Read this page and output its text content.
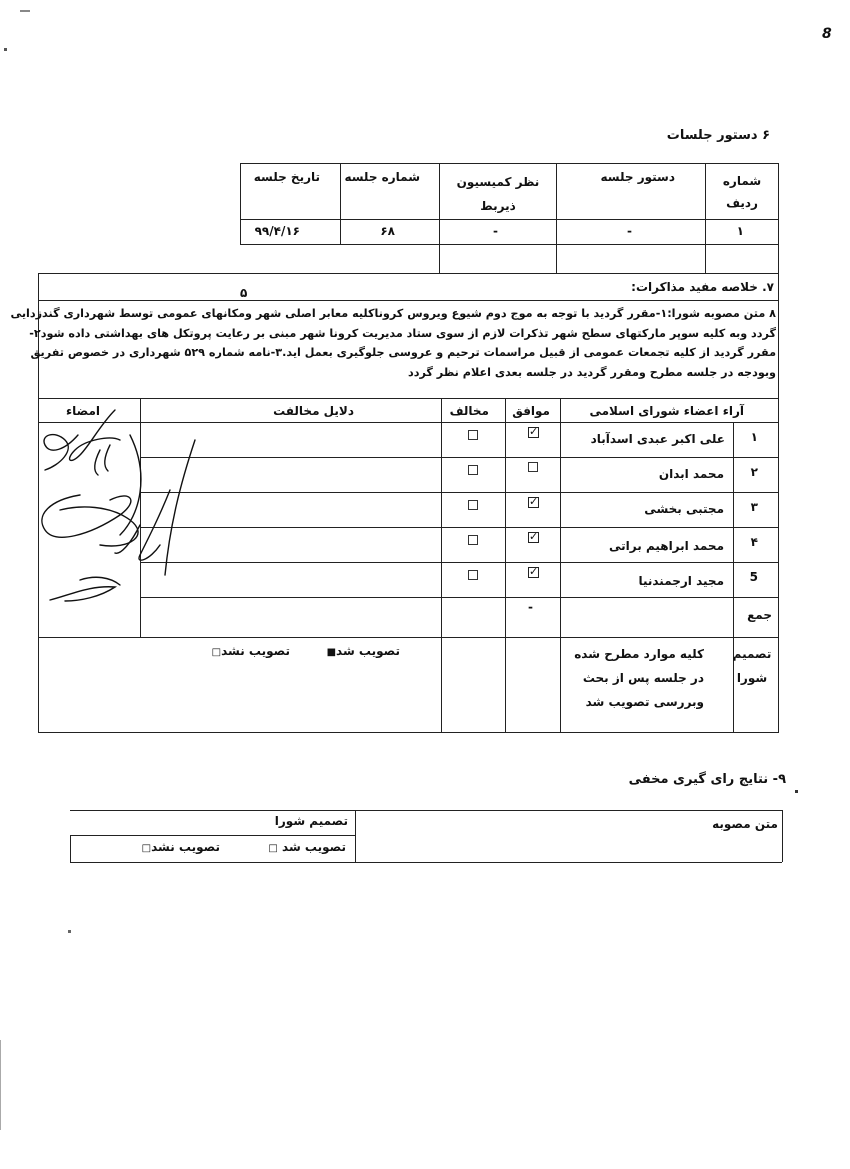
8
۶ دستور جلسات
شماره ردیف
دستور جلسه
نظر کمیسیون ذیربط
شماره جلسه
تاریخ جلسه
۱
-
-
۶۸
۹۹/۴/۱۶
۷. خلاصه مفید مذاکرات:
۵
۸ متن مصوبه شورا:۱-مقرر گردید با توجه به موج دوم شیوع ویروس کروناکلیه معابر اصلی شهر ومکانهای عمومی توسط شهرداری گندزدایی
گردد وبه کلیه سوپر مارکتهای سطح شهر تذکرات لازم از سوی ستاد مدیریت کرونا شهر مبنی بر رعایت پروتکل های بهداشتی داده شود۲-
مقرر گردید از کلیه تجمعات عمومی از قبیل مراسمات ترحیم و عروسی جلوگیری بعمل اید.۳-نامه شماره ۵۲۹ شهرداری در خصوص تفریق
وبودجه در جلسه مطرح ومقرر گردید در جلسه بعدی اعلام نظر گردد
آراء اعضاء شورای اسلامی
موافق
مخالف
دلایل مخالفت
امضاء
۱
علی اکبر عبدی اسدآباد
✓
۲
محمد ابدان
۳
مجتبی بخشی
✓
۴
محمد ابراهیم براتی
✓
5
مجید ارجمندنیا
✓
جمع
-
تصمیم شورا
کلیه موارد مطرح شده
در جلسه پس از بحث
وبررسی تصویب شد
تصویب شد■
تصویب نشد□
۹- نتایج رای گیری مخفی
متن مصوبه
تصمیم شورا
تصویب شد □
تصویب نشد□
